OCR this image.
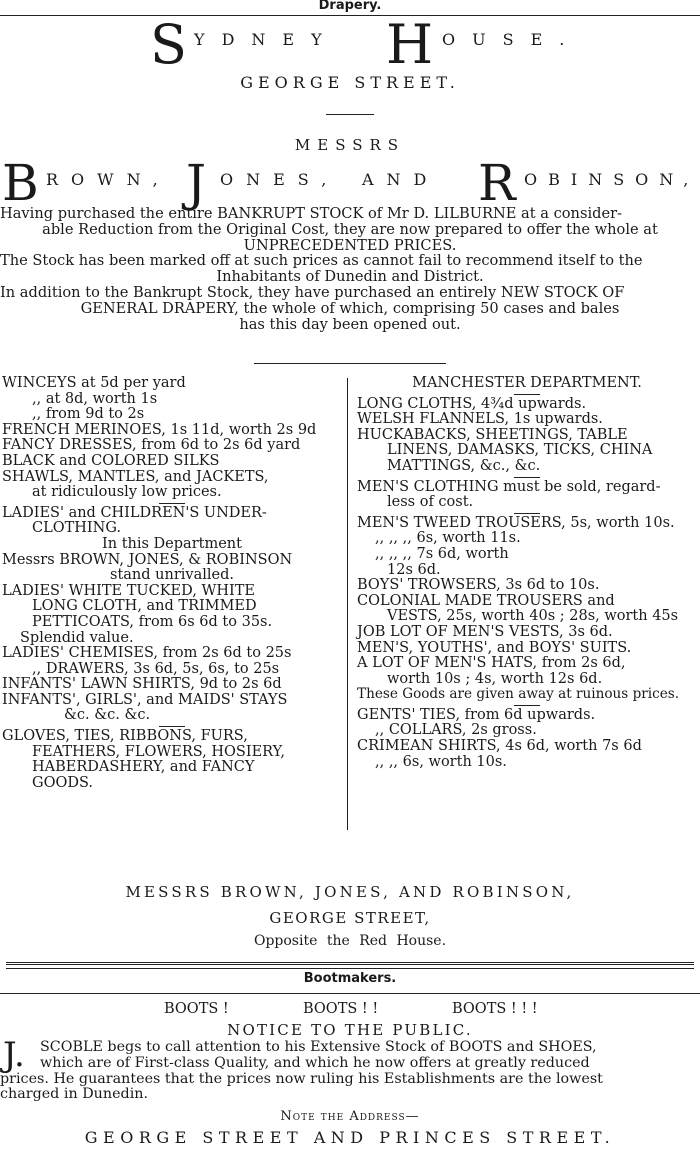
Drapery.
S YDNEY H OUSE.
GEORGE STREET.
MESSRS
B ROWN, J ONES, AND R OBINSON,
Having purchased the entire BANKRUPT STOCK of Mr D. LILBURNE at a consider-
able Reduction from the Original Cost, they are now prepared to offer the whole at
UNPRECEDENTED PRICES.
The Stock has been marked off at such prices as cannot fail to recommend itself to the
Inhabitants of Dunedin and District.
In addition to the Bankrupt Stock, they have purchased an entirely NEW STOCK OF
GENERAL DRAPERY, the whole of which, comprising 50 cases and bales
has this day been opened out.
WINCEYS at 5d per yard
,, at 8d, worth 1s
,, from 9d to 2s
FRENCH MERINOES, 1s 11d, worth 2s 9d
FANCY DRESSES, from 6d to 2s 6d yard
BLACK and COLORED SILKS
SHAWLS, MANTLES, and JACKETS,
at ridiculously low prices.
LADIES' and CHILDREN'S UNDER-
CLOTHING.
In this Department
Messrs BROWN, JONES, & ROBINSON
stand unrivalled.
LADIES' WHITE TUCKED, WHITE
LONG CLOTH, and TRIMMED
PETTICOATS, from 6s 6d to 35s.
Splendid value.
LADIES' CHEMISES, from 2s 6d to 25s
,, DRAWERS, 3s 6d, 5s, 6s, to 25s
INFANTS' LAWN SHIRTS, 9d to 2s 6d
INFANTS', GIRLS', and MAIDS' STAYS
&c. &c. &c.
GLOVES, TIES, RIBBONS, FURS,
FEATHERS, FLOWERS, HOSIERY,
HABERDASHERY, and FANCY
GOODS.
MANCHESTER DEPARTMENT.
LONG CLOTHS, 4¾d upwards.
WELSH FLANNELS, 1s upwards.
HUCKABACKS, SHEETINGS, TABLE
LINENS, DAMASKS, TICKS, CHINA
MATTINGS, &c., &c.
MEN'S CLOTHING must be sold, regard-
less of cost.
MEN'S TWEED TROUSERS, 5s, worth 10s.
,, ,, ,, 6s, worth 11s.
,, ,, ,, 7s 6d, worth
12s 6d.
BOYS' TROWSERS, 3s 6d to 10s.
COLONIAL MADE TROUSERS and
VESTS, 25s, worth 40s ; 28s, worth 45s
JOB LOT OF MEN'S VESTS, 3s 6d.
MEN'S, YOUTHS', and BOYS' SUITS.
A LOT OF MEN'S HATS, from 2s 6d,
worth 10s ; 4s, worth 12s 6d.
These Goods are given away at ruinous prices.
GENTS' TIES, from 6d upwards.
,, COLLARS, 2s gross.
CRIMEAN SHIRTS, 4s 6d, worth 7s 6d
,, ,, 6s, worth 10s.
MESSRS BROWN, JONES, AND ROBINSON,
GEORGE STREET,
Opposite the Red House.
Bootmakers.
BOOTS !	BOOTS ! !	BOOTS ! ! !
NOTICE TO THE PUBLIC.
J.	SCOBLE begs to call attention to his Extensive Stock of BOOTS and SHOES,
which are of First-class Quality, and which he now offers at greatly reduced
prices. He guarantees that the prices now ruling his Establishments are the lowest
charged in Dunedin.
Note the Address—
GEORGE STREET AND PRINCES STREET.
